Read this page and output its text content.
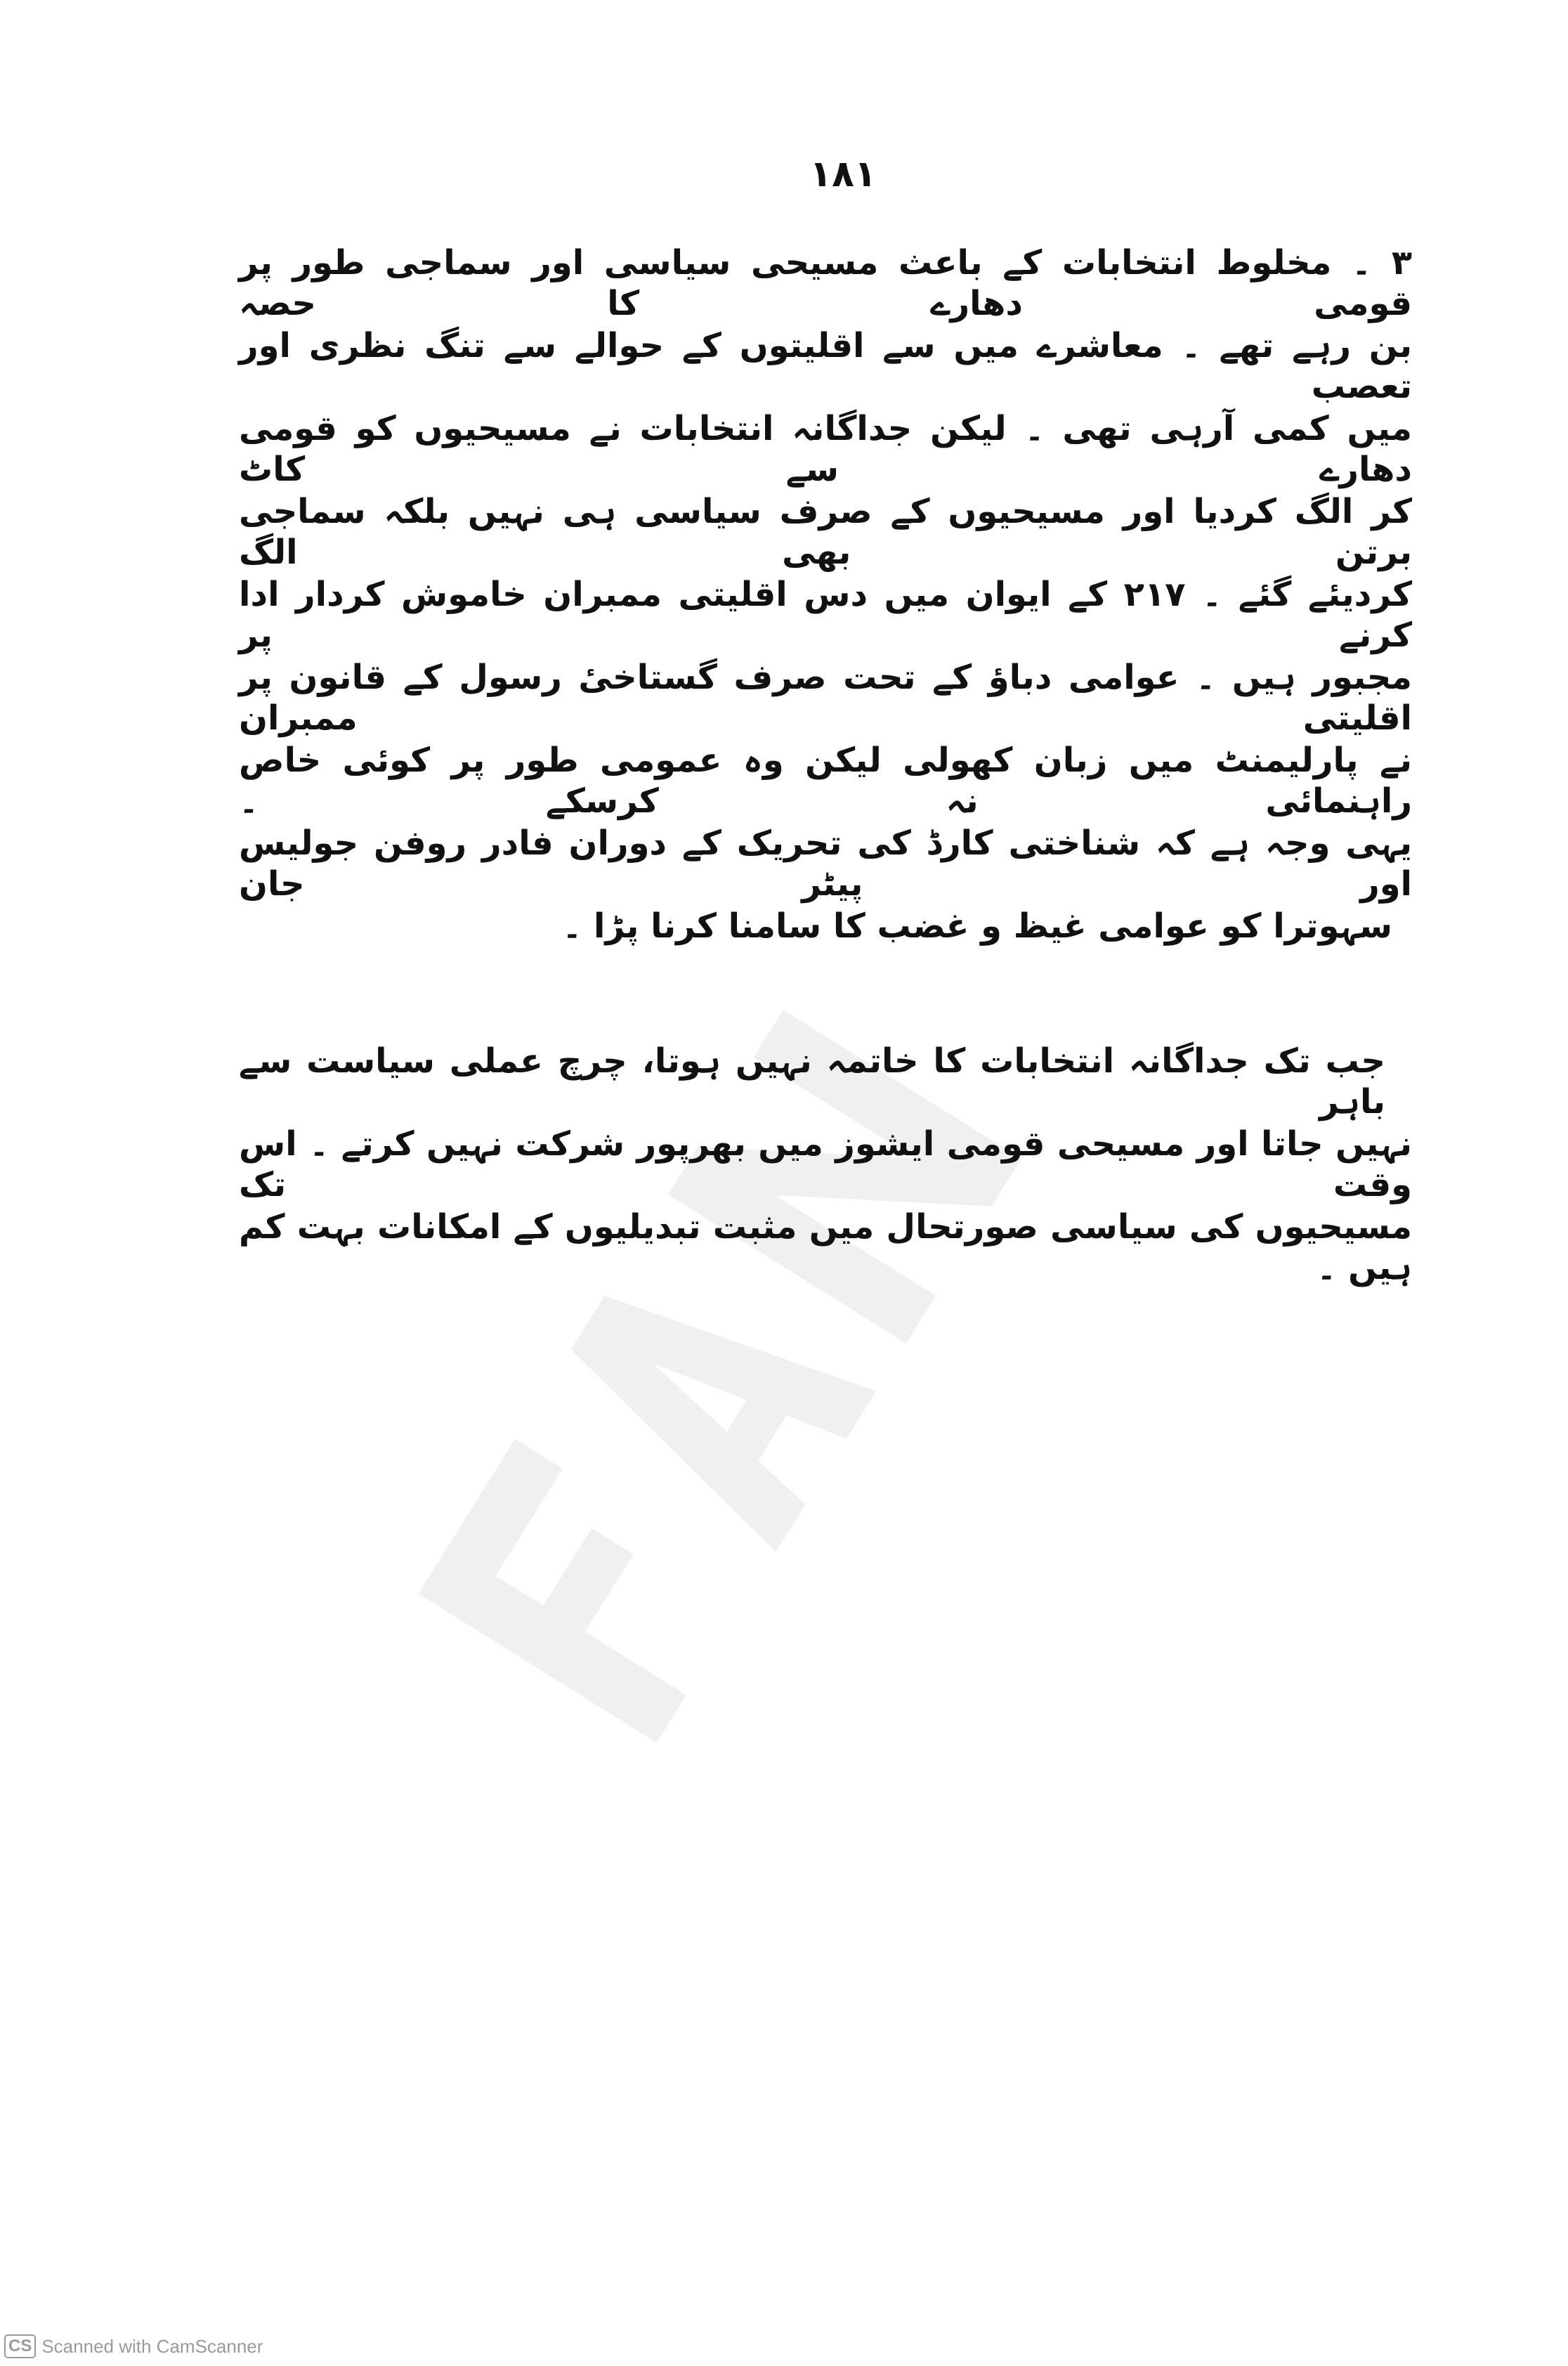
۱۸۱
۳ ۔ مخلوط انتخابات کے باعث مسیحی سیاسی اور سماجی طور پر قومی دھارے کا حصہ
بن رہے تھے ۔ معاشرے میں سے اقلیتوں کے حوالے سے تنگ نظری اور تعصب
میں کمی آرہی تھی ۔ لیکن جداگانہ انتخابات نے مسیحیوں کو قومی دھارے سے کاٹ
کر الگ کردیا اور مسیحیوں کے صرف سیاسی ہی نہیں بلکہ سماجی برتن بھی الگ
کردیئے گئے ۔ ۲۱۷ کے ایوان میں دس اقلیتی ممبران خاموش کردار ادا کرنے پر
مجبور ہیں ۔ عوامی دباؤ کے تحت صرف گستاخیٔ رسول کے قانون پر اقلیتی ممبران
نے پارلیمنٹ میں زبان کھولی لیکن وہ عمومی طور پر کوئی خاص راہنمائی نہ کرسکے ۔
یہی وجہ ہے کہ شناختی کارڈ کی تحریک کے دوران فادر روفن جولیس اور پیٹر جان
سہوترا کو عوامی غیظ و غضب کا سامنا کرنا پڑا ۔
جب تک جداگانہ انتخابات کا خاتمہ نہیں ہوتا، چرچ عملی سیاست سے باہر
نہیں جاتا اور مسیحی قومی ایشوز میں بھرپور شرکت نہیں کرتے ۔ اس وقت تک
مسیحیوں کی سیاسی صورتحال میں مثبت تبدیلیوں کے امکانات بہت کم ہیں ۔
CS Scanned with CamScanner
